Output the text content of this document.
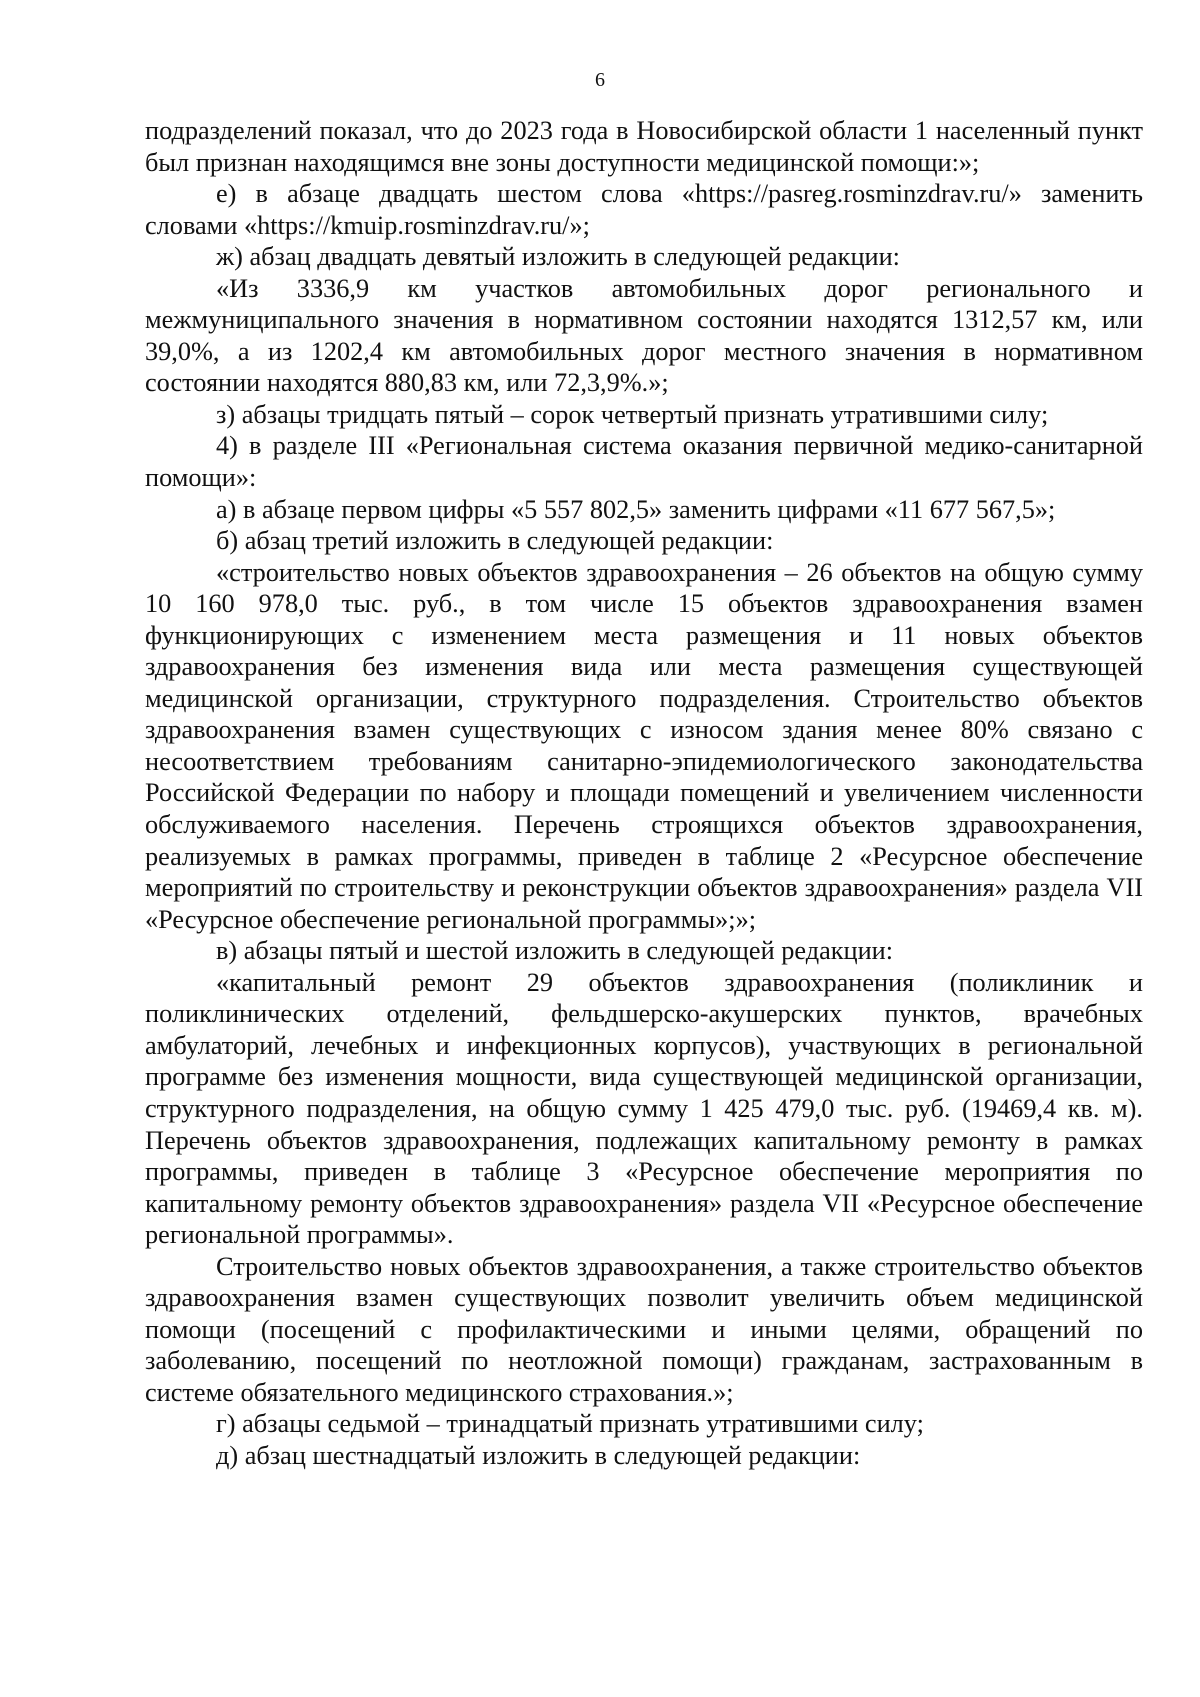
6

подразделений показал, что до 2023 года в Новосибирской области 1 населенный пункт был признан находящимся вне зоны доступности медицинской помощи:»;

е) в абзаце двадцать шестом слова «https://pasreg.rosminzdrav.ru/» заменить словами «https://kmuip.rosminzdrav.ru/»;

ж) абзац двадцать девятый изложить в следующей редакции:

«Из 3336,9 км участков автомобильных дорог регионального и межмуниципального значения в нормативном состоянии находятся 1312,57 км, или 39,0%, а из 1202,4 км автомобильных дорог местного значения в нормативном состоянии находятся 880,83 км, или 72,3,9%.»;

з) абзацы тридцать пятый – сорок четвертый признать утратившими силу;

4) в разделе III «Региональная система оказания первичной медико-санитарной помощи»:

а) в абзаце первом цифры «5 557 802,5» заменить цифрами «11 677 567,5»;

б) абзац третий изложить в следующей редакции:

«строительство новых объектов здравоохранения – 26 объектов на общую сумму 10 160 978,0 тыс. руб., в том числе 15 объектов здравоохранения взамен функционирующих с изменением места размещения и 11 новых объектов здравоохранения без изменения вида или места размещения существующей медицинской организации, структурного подразделения. Строительство объектов здравоохранения взамен существующих с износом здания менее 80% связано с несоответствием требованиям санитарно-эпидемиологического законодательства Российской Федерации по набору и площади помещений и увеличением численности обслуживаемого населения. Перечень строящихся объектов здравоохранения, реализуемых в рамках программы, приведен в таблице 2 «Ресурсное обеспечение мероприятий по строительству и реконструкции объектов здравоохранения» раздела VII «Ресурсное обеспечение региональной программы»;»;

в) абзацы пятый и шестой изложить в следующей редакции:

«капитальный ремонт 29 объектов здравоохранения (поликлиник и поликлинических отделений, фельдшерско-акушерских пунктов, врачебных амбулаторий, лечебных и инфекционных корпусов), участвующих в региональной программе без изменения мощности, вида существующей медицинской организации, структурного подразделения, на общую сумму 1 425 479,0 тыс. руб. (19469,4 кв. м). Перечень объектов здравоохранения, подлежащих капитальному ремонту в рамках программы, приведен в таблице 3 «Ресурсное обеспечение мероприятия по капитальному ремонту объектов здравоохранения» раздела VII «Ресурсное обеспечение региональной программы».

Строительство новых объектов здравоохранения, а также строительство объектов здравоохранения взамен существующих позволит увеличить объем медицинской помощи (посещений с профилактическими и иными целями, обращений по заболеванию, посещений по неотложной помощи) гражданам, застрахованным в системе обязательного медицинского страхования.»;

г) абзацы седьмой – тринадцатый признать утратившими силу;

д) абзац шестнадцатый изложить в следующей редакции:
